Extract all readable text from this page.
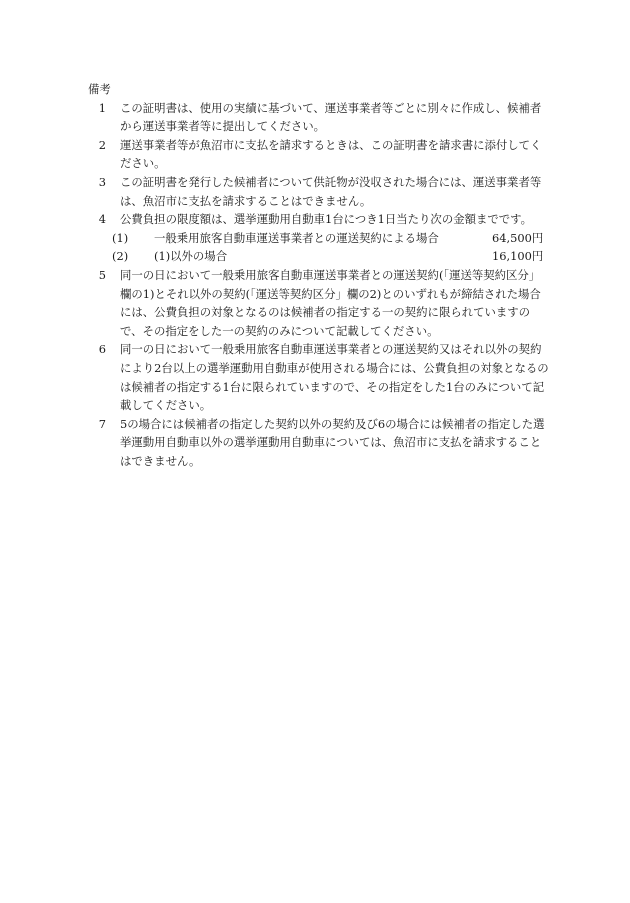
備考

1	この証明書は、使用の実績に基づいて、運送事業者等ごとに別々に作成し、候補者から運送事業者等に提出してください。
2	運送事業者等が魚沼市に支払を請求するときは、この証明書を請求書に添付してください。
3	この証明書を発行した候補者について供託物が没収された場合には、運送事業者等は、魚沼市に支払を請求することはできません。
4	公費負担の限度額は、選挙運動用自動車1台につき1日当たり次の金額までです。
(1)	一般乗用旅客自動車運送事業者との運送契約による場合	64,500円
(2)	(1)以外の場合	16,100円
5	同一の日において一般乗用旅客自動車運送事業者との運送契約(「運送等契約区分」欄の1)とそれ以外の契約(「運送等契約区分」欄の2)とのいずれもが締結された場合には、公費負担の対象となるのは候補者の指定する一の契約に限られていますので、その指定をした一の契約のみについて記載してください。
6	同一の日において一般乗用旅客自動車運送事業者との運送契約又はそれ以外の契約により2台以上の選挙運動用自動車が使用される場合には、公費負担の対象となるのは候補者の指定する1台に限られていますので、その指定をした1台のみについて記載してください。
7	5の場合には候補者の指定した契約以外の契約及び6の場合には候補者の指定した選挙運動用自動車以外の選挙運動用自動車については、魚沼市に支払を請求することはできません。
